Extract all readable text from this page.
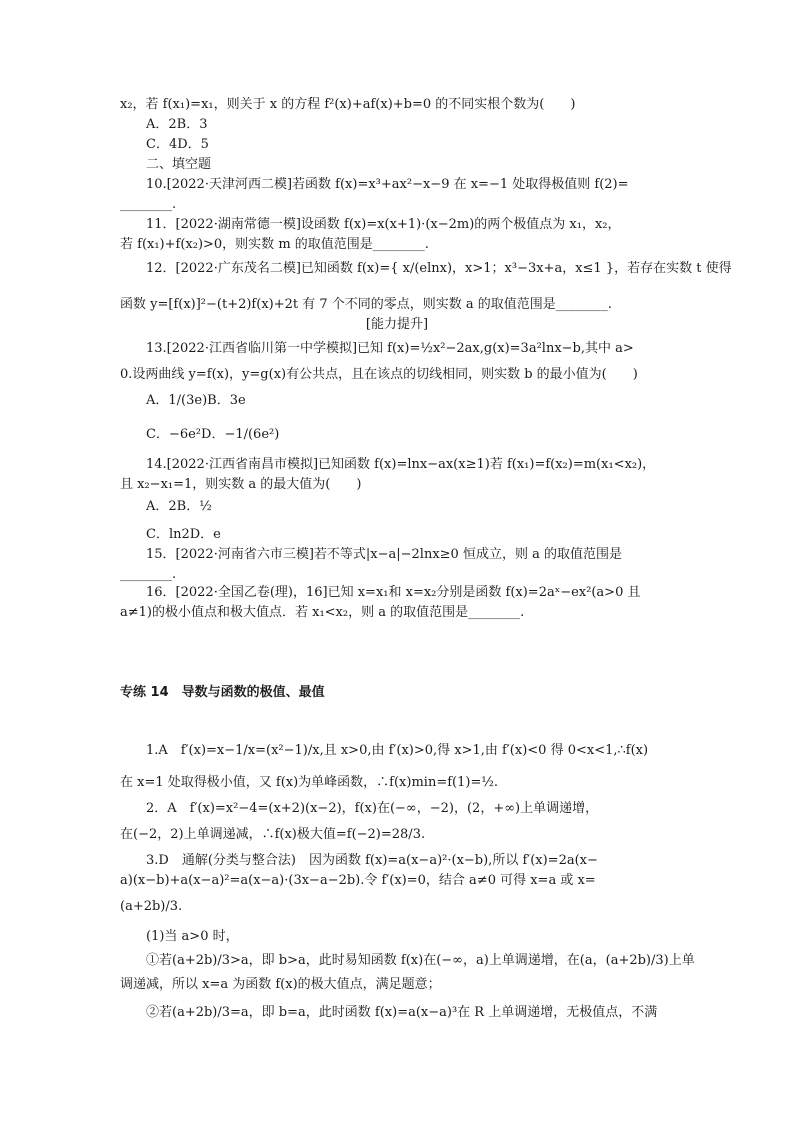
x₂，若 f(x₁)=x₁，则关于 x 的方程 f²(x)+af(x)+b=0 的不同实根个数为(　　)
A．2B．3
C．4D．5
二、填空题
10.[2022·天津河西二模]若函数 f(x)=x³+ax²−x−9 在 x=−1 处取得极值则 f(2)=
________.
11．[2022·湖南常德一模]设函数 f(x)=x(x+1)·(x−2m)的两个极值点为 x₁，x₂，
若 f(x₁)+f(x₂)>0，则实数 m 的取值范围是________.
12．[2022·广东茂名二模]已知函数 f(x)={ x/(elnx)，x>1；x³−3x+a，x≤1 }，若存在实数 t 使得
函数 y=[f(x)]²−(t+2)f(x)+2t 有 7 个不同的零点，则实数 a 的取值范围是________.
[能力提升]
13.[2022·江西省临川第一中学模拟]已知 f(x)=½x²−2ax,g(x)=3a²lnx−b,其中 a>
0.设两曲线 y=f(x)，y=g(x)有公共点，且在该点的切线相同，则实数 b 的最小值为(　　)
A．1/(3e)B．3e
C．−6e²D．−1/(6e²)
14.[2022·江西省南昌市模拟]已知函数 f(x)=lnx−ax(x≥1)若 f(x₁)=f(x₂)=m(x₁<x₂)，
且 x₂−x₁=1，则实数 a 的最大值为(　　)
A．2B．½
C．ln2D．e
15．[2022·河南省六市三模]若不等式|x−a|−2lnx≥0 恒成立，则 a 的取值范围是
________.
16．[2022·全国乙卷(理)，16]已知 x=x₁和 x=x₂分别是函数 f(x)=2aˣ−ex²(a>0 且
a≠1)的极小值点和极大值点．若 x₁<x₂，则 a 的取值范围是________.
专练 14　导数与函数的极值、最值
1.A　f′(x)=x−1/x=(x²−1)/x,且 x>0,由 f′(x)>0,得 x>1,由 f′(x)<0 得 0<x<1,∴f(x)
在 x=1 处取得极小值，又 f(x)为单峰函数，∴f(x)min=f(1)=½.
2．A　f′(x)=x²−4=(x+2)(x−2)，f(x)在(−∞，−2)，(2，+∞)上单调递增，
在(−2，2)上单调递减，∴f(x)极大值=f(−2)=28/3.
3.D　通解(分类与整合法)　因为函数 f(x)=a(x−a)²·(x−b),所以 f′(x)=2a(x−
a)(x−b)+a(x−a)²=a(x−a)·(3x−a−2b).令 f′(x)=0，结合 a≠0 可得 x=a 或 x=
(a+2b)/3.
(1)当 a>0 时，
①若(a+2b)/3>a，即 b>a，此时易知函数 f(x)在(−∞，a)上单调递增，在(a，(a+2b)/3)上单
调递减，所以 x=a 为函数 f(x)的极大值点，满足题意；
②若(a+2b)/3=a，即 b=a，此时函数 f(x)=a(x−a)³在 R 上单调递增，无极值点，不满
